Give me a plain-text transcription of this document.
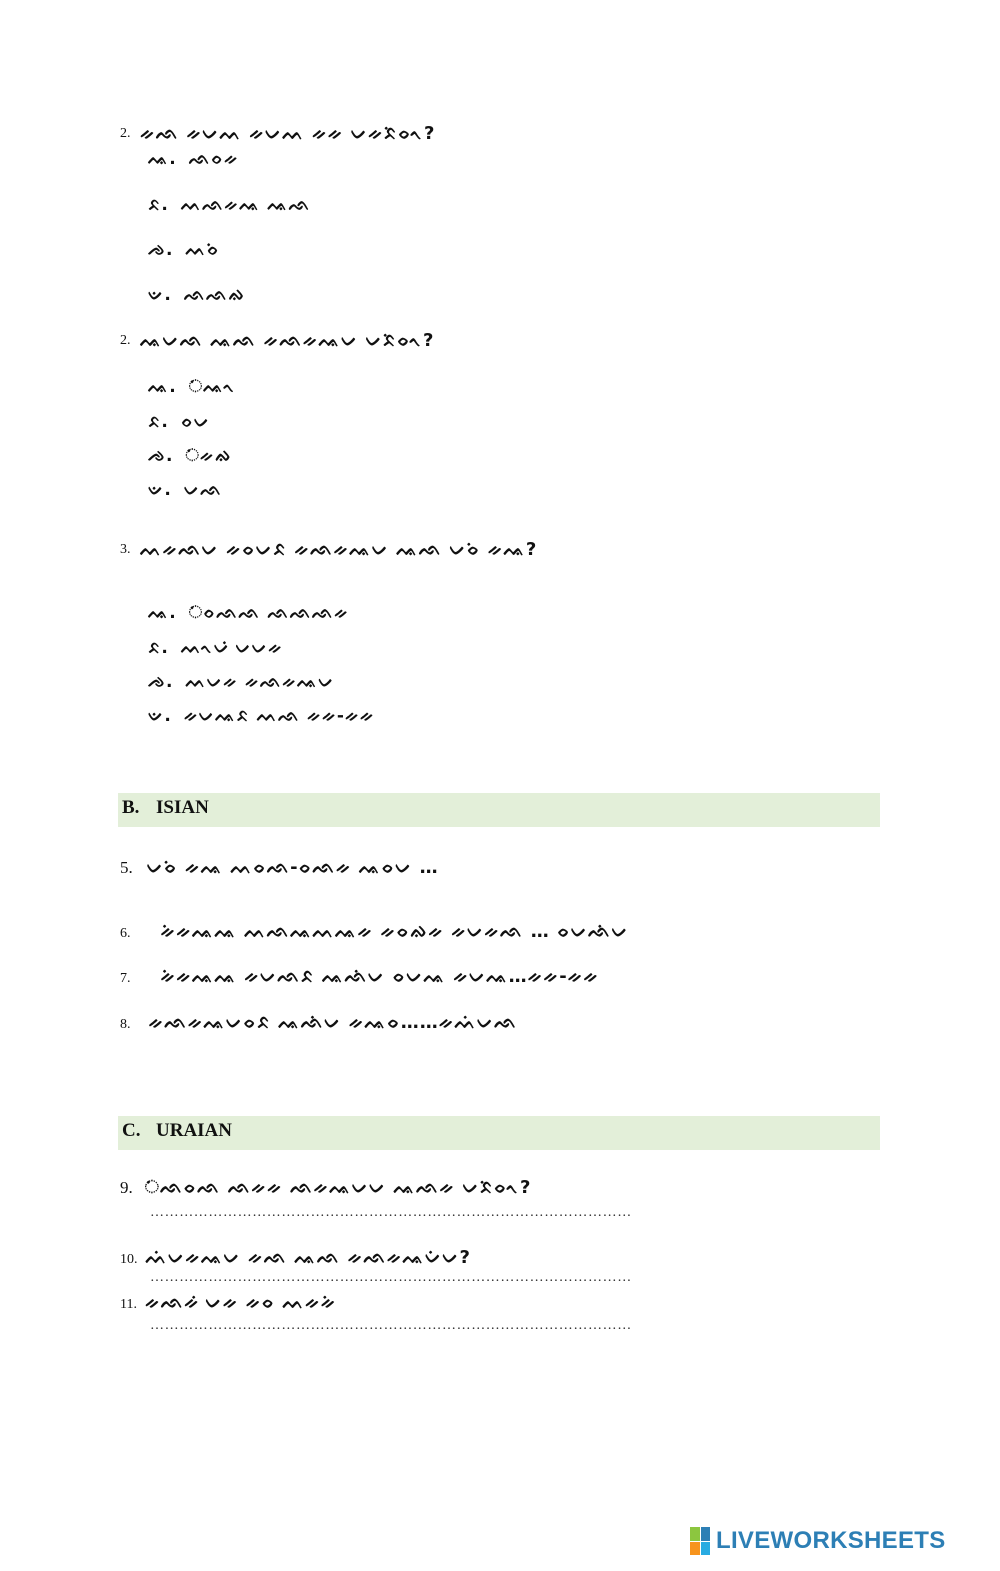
2. ᨀᨒ ᨀᨆᨓ ᨀᨆᨓ ᨀᨀ ᨆᨀᨅᨗᨔᨚ?
ᨕ. ᨒᨔᨀ
ᨅ. ᨓᨒᨀᨕ ᨕᨒ
ᨌ. ᨓᨔᨗ
ᨉ. ᨒᨒᨁ
2. ᨕᨆᨒ ᨕᨒ ᨀᨒᨀᨕᨆ ᨆᨅᨗᨔᨚ?
ᨕ. ᨗᨕᨚ
ᨅ. ᨔᨆ
ᨌ. ᨗᨀᨁ
ᨉ. ᨆᨒ
3. ᨓᨀᨒᨆ ᨀᨔᨆᨅ ᨀᨒᨀᨕᨆ ᨕᨒ ᨆᨔᨗ ᨀᨕ?
ᨕ. ᨗᨔᨒᨒ ᨒᨒᨒᨀ
ᨅ. ᨓᨚᨆ ᨗᨆᨆᨀ
ᨌ. ᨓᨆᨀ ᨀᨒᨀᨕᨆ
ᨉ. ᨀᨆᨕᨅ ᨓᨒ ᨀᨀ-ᨀᨀ
B. ISIAN
5. ᨆᨔᨗ ᨀᨕ ᨓᨔᨒ-ᨔᨒᨀ ᨕᨔᨆ …
6. ᨀᨗᨀᨕᨕ ᨓᨒᨕᨓᨕᨀ ᨀᨔᨁᨀ ᨀᨆᨀᨒ … ᨔᨆᨒᨗᨆ
7. ᨀᨗᨀᨕᨕ ᨀᨆᨒᨅ ᨕᨒᨗᨆ ᨔᨆᨕ ᨀᨆᨕ…ᨀᨀ-ᨀᨀ
8. ᨀᨒᨀᨕᨆᨔᨅ ᨕᨒᨗᨆ ᨀᨕᨔ……ᨀᨓᨗᨆᨒ
C. URAIAN
9. ᨗᨒᨔᨒ ᨒᨀᨀ ᨒᨀᨕᨆᨆ ᨕᨒᨀ ᨆᨅᨗᨔᨚ?
………………………………………………………………………………………
10. ᨓᨗᨆᨀᨕᨆ ᨀᨒ ᨕᨒ ᨀᨒᨀᨕᨆᨗᨆ?
………………………………………………………………………………………
11. ᨀᨒᨀ ᨗᨆᨀ ᨀᨔ ᨓᨀᨀᨗ
………………………………………………………………………………………
LIVEWORKSHEETS
